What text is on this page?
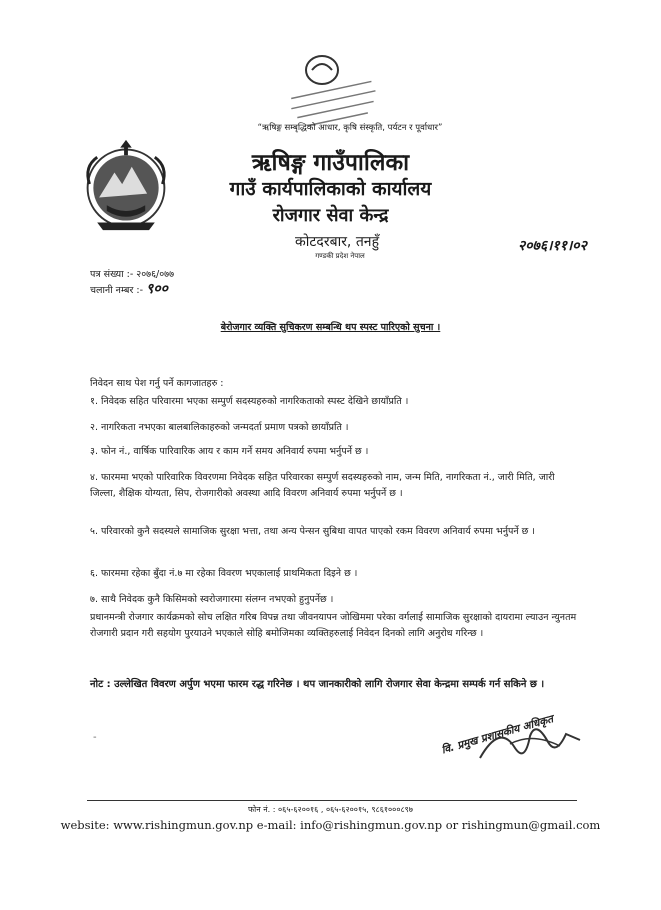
“ऋषिङ्ग सम्बृद्धिको आधार, कृषि संस्कृति, पर्यटन र पूर्वाधार”
ऋषिङ्ग गाउँपालिका
गाउँ कार्यपालिकाको कार्यालय
रोजगार सेवा केन्द्र
कोटदरबार, तनहुँ
गण्डकी प्रदेश नेपाल
२०७६।११।०२
पत्र संख्या :- २०७६/०७७
चलानी नम्बर :- ९००
बेरोजगार व्यक्ति सुचिकरण सम्बन्धि थप स्पस्ट पारिएको सुचना ।
निवेदन साथ पेश गर्नु पर्ने कागजातहरु :
१. निवेदक सहित परिवारमा भएका सम्पुर्ण सदस्यहरुको नागरिकताको स्पस्ट देखिने छायाँप्रति ।
२. नागरिकता नभएका बालबालिकाहरुको जन्मदर्ता प्रमाण पत्रको छायाँप्रति ।
३. फोन नं., वार्षिक पारिवारिक आय र काम गर्ने समय अनिवार्य रुपमा भर्नुपर्ने छ ।
४. फारममा भएको पारिवारिक विवरणमा निवेदक सहित परिवारका सम्पुर्ण सदस्यहरुको नाम, जन्म मिति, नागरिकता नं., जारी मिति, जारी जिल्ला, शैक्षिक योग्यता, सिप, रोजगारीको अवस्था आदि विवरण अनिवार्य रुपमा भर्नुपर्ने छ ।
५. परिवारको कुनै सदस्यले सामाजिक सुरक्षा भत्ता, तथा अन्य पेन्सन सुबिधा वापत पाएको रकम विवरण अनिवार्य रुपमा भर्नुपर्ने छ ।
६. फारममा रहेका बुँदा नं.७ मा रहेका विवरण भएकालाई प्राथमिकता दिइने छ ।
७. साथै निवेदक कुनै किसिमको स्वरोजगारमा संलग्न नभएको हुनुपर्नेछ ।
प्रधानमन्त्री रोजगार कार्यक्रमको सोच लक्षित गरिब विपन्न तथा जीवनयापन जोखिममा परेका वर्गलाई सामाजिक सुरक्षाको दायरामा ल्याउन न्युनतम रोजगारी प्रदान गरी सहयोग पुरयाउने भएकाले सोहि बमोजिमका व्यक्तिहरुलाई निवेदन दिनको लागि अनुरोध गरिन्छ ।
नोट : उल्लेखित विवरण अर्पुण भएमा फारम रद्ध गरिनेछ । थप जानकारीको लागि रोजगार सेवा केन्द्रमा सम्पर्क गर्न सकिने छ ।
-	वि. प्रमुख प्रशासकीय अधिकृत
फोन नं. : ०६५-६२००१६ , ०६५-६२००१५, ९८६१०००८९७
website: www.rishingmun.gov.np e-mail: info@rishingmun.gov.np or rishingmun@gmail.com
